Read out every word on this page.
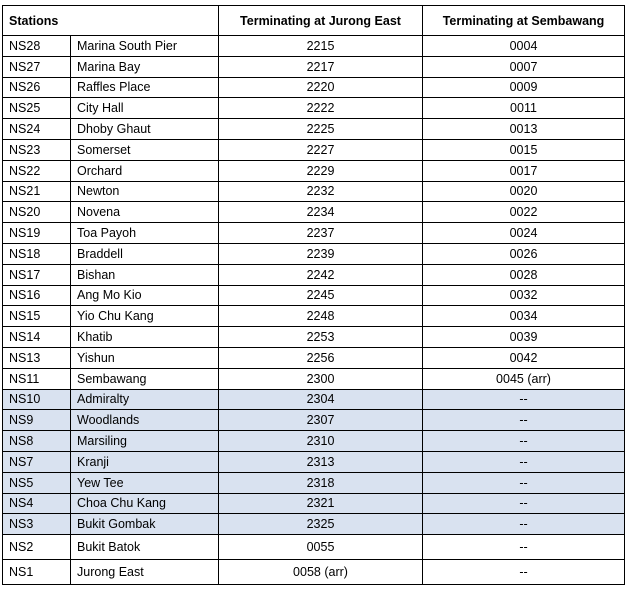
Stations		Terminating at Jurong East	Terminating at Sembawang
NS28	Marina South Pier	2215	0004
NS27	Marina Bay	2217	0007
NS26	Raffles Place	2220	0009
NS25	City Hall	2222	0011
NS24	Dhoby Ghaut	2225	0013
NS23	Somerset	2227	0015
NS22	Orchard	2229	0017
NS21	Newton	2232	0020
NS20	Novena	2234	0022
NS19	Toa Payoh	2237	0024
NS18	Braddell	2239	0026
NS17	Bishan	2242	0028
NS16	Ang Mo Kio	2245	0032
NS15	Yio Chu Kang	2248	0034
NS14	Khatib	2253	0039
NS13	Yishun	2256	0042
NS11	Sembawang	2300	0045 (arr)
NS10	Admiralty	2304	--
NS9	Woodlands	2307	--
NS8	Marsiling	2310	--
NS7	Kranji	2313	--
NS5	Yew Tee	2318	--
NS4	Choa Chu Kang	2321	--
NS3	Bukit Gombak	2325	--
NS2	Bukit Batok	0055	--
NS1	Jurong East	0058 (arr)	--
